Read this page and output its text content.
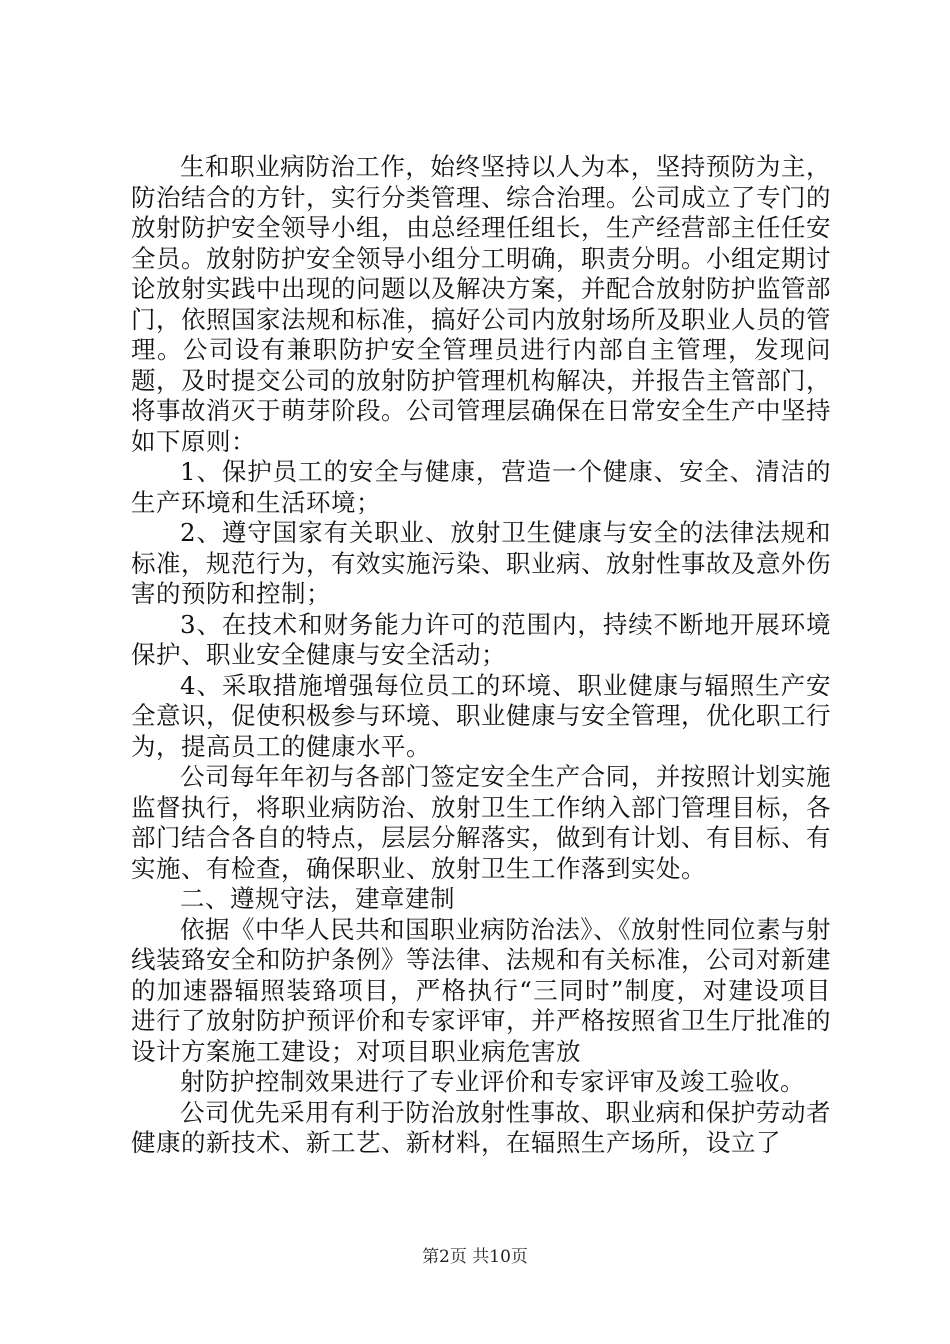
生和职业病防治工作，始终坚持以人为本，坚持预防为主，防治结合的方针，实行分类管理、综合治理。公司成立了专门的放射防护安全领导小组，由总经理任组长，生产经营部主任任安全员。放射防护安全领导小组分工明确，职责分明。小组定期讨论放射实践中出现的问题以及解决方案，并配合放射防护监管部门，依照国家法规和标准，搞好公司内放射场所及职业人员的管理。公司设有兼职防护安全管理员进行内部自主管理，发现问题，及时提交公司的放射防护管理机构解决，并报告主管部门，将事故消灭于萌芽阶段。公司管理层确保在日常安全生产中坚持如下原则：

1、保护员工的安全与健康，营造一个健康、安全、清洁的生产环境和生活环境；

2、遵守国家有关职业、放射卫生健康与安全的法律法规和标准，规范行为，有效实施污染、职业病、放射性事故及意外伤害的预防和控制；

3、在技术和财务能力许可的范围内，持续不断地开展环境保护、职业安全健康与安全活动；

4、采取措施增强每位员工的环境、职业健康与辐照生产安全意识，促使积极参与环境、职业健康与安全管理，优化职工行为，提高员工的健康水平。

公司每年年初与各部门签定安全生产合同，并按照计划实施监督执行，将职业病防治、放射卫生工作纳入部门管理目标，各部门结合各自的特点，层层分解落实，做到有计划、有目标、有实施、有检查，确保职业、放射卫生工作落到实处。

二、遵规守法，建章建制

依据《中华人民共和国职业病防治法》、《放射性同位素与射线装臵安全和防护条例》等法律、法规和有关标准，公司对新建的加速器辐照装臵项目，严格执行“三同时”制度，对建设项目进行了放射防护预评价和专家评审，并严格按照省卫生厅批准的设计方案施工建设；对项目职业病危害放

射防护控制效果进行了专业评价和专家评审及竣工验收。

公司优先采用有利于防治放射性事故、职业病和保护劳动者健康的新技术、新工艺、新材料，在辐照生产场所，设立了

第2页 共10页
